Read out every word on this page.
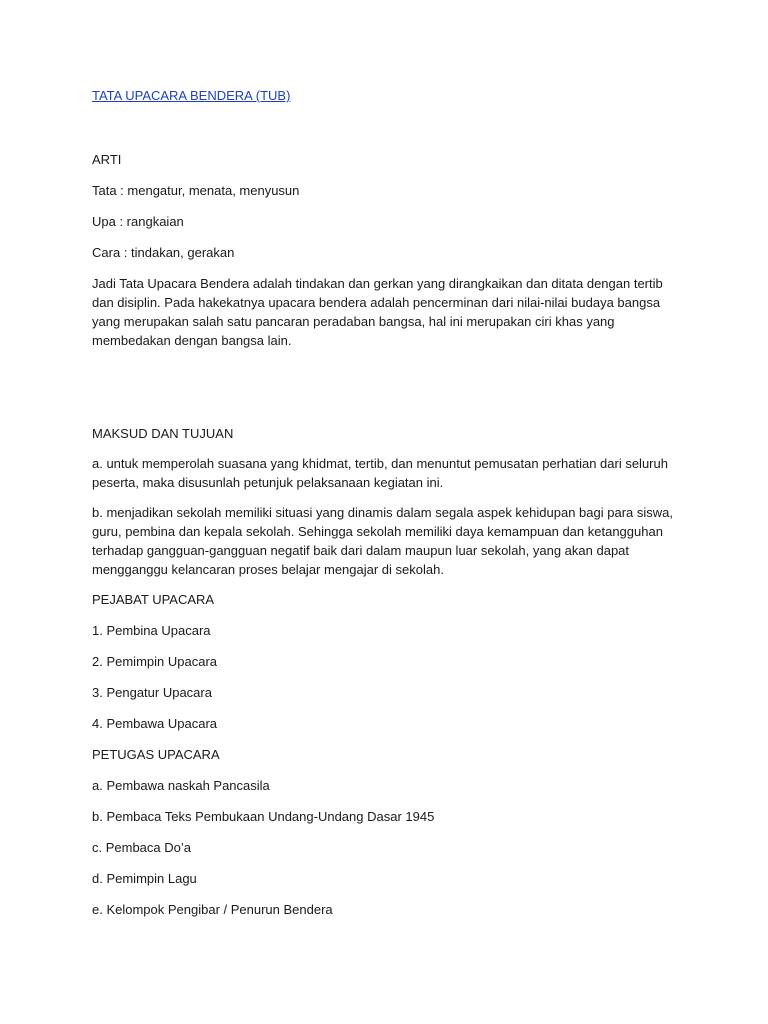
TATA UPACARA BENDERA (TUB)

ARTI

Tata : mengatur, menata, menyusun

Upa : rangkaian

Cara : tindakan, gerakan

Jadi Tata Upacara Bendera adalah tindakan dan gerkan yang dirangkaikan dan ditata dengan tertib dan disiplin. Pada hakekatnya upacara bendera adalah pencerminan dari nilai-nilai budaya bangsa yang merupakan salah satu pancaran peradaban bangsa, hal ini merupakan ciri khas yang membedakan dengan bangsa lain.

MAKSUD DAN TUJUAN

a. untuk memperolah suasana yang khidmat, tertib, dan menuntut pemusatan perhatian dari seluruh peserta, maka disusunlah petunjuk pelaksanaan kegiatan ini.

b. menjadikan sekolah memiliki situasi yang dinamis dalam segala aspek kehidupan bagi para siswa, guru, pembina dan kepala sekolah. Sehingga sekolah memiliki daya kemampuan dan ketangguhan terhadap gangguan-gangguan negatif baik dari dalam maupun luar sekolah, yang akan dapat mengganggu kelancaran proses belajar mengajar di sekolah.

PEJABAT UPACARA

1. Pembina Upacara

2. Pemimpin Upacara

3. Pengatur Upacara

4. Pembawa Upacara

PETUGAS UPACARA

a. Pembawa naskah Pancasila

b. Pembaca Teks Pembukaan Undang-Undang Dasar 1945

c. Pembaca Do’a

d. Pemimpin Lagu

e. Kelompok Pengibar / Penurun Bendera
